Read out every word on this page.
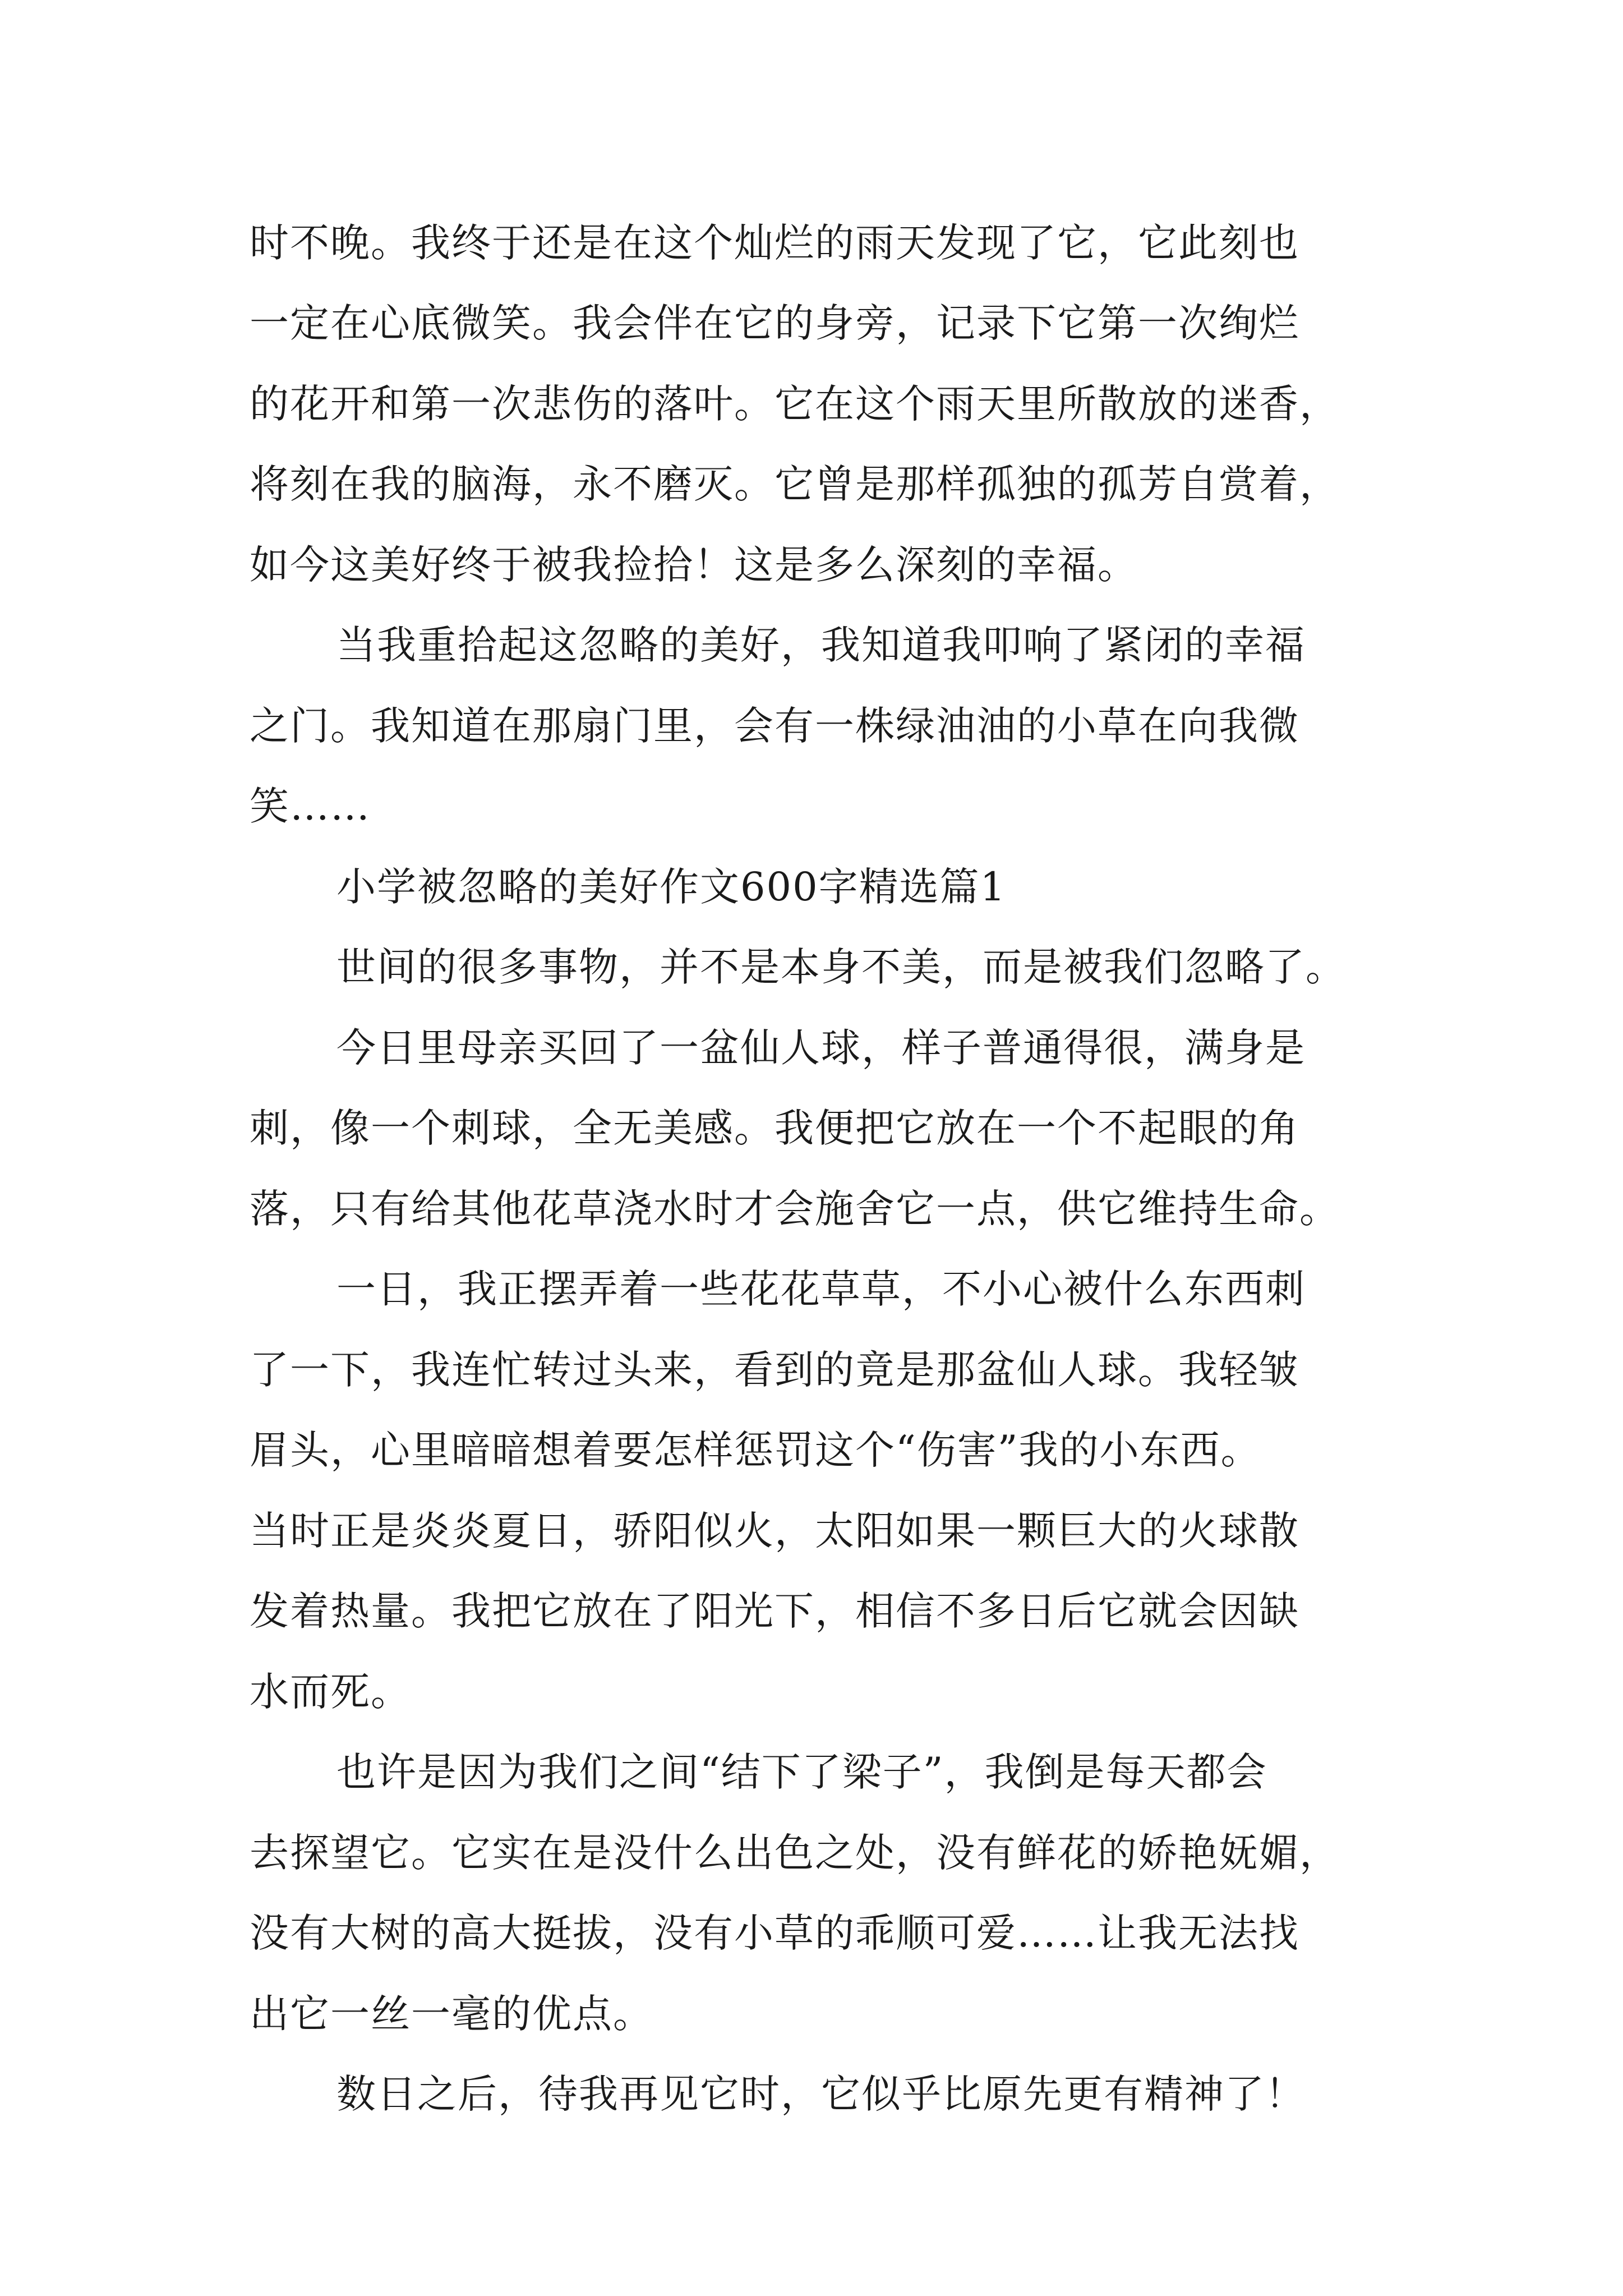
时不晚。我终于还是在这个灿烂的雨天发现了它，它此刻也

一定在心底微笑。我会伴在它的身旁，记录下它第一次绚烂

的花开和第一次悲伤的落叶。它在这个雨天里所散放的迷香，

将刻在我的脑海，永不磨灭。它曾是那样孤独的孤芳自赏着，

如今这美好终于被我捡拾！这是多么深刻的幸福。

当我重拾起这忽略的美好，我知道我叩响了紧闭的幸福

之门。我知道在那扇门里，会有一株绿油油的小草在向我微

笑……

小学被忽略的美好作文600字精选篇1

世间的很多事物，并不是本身不美，而是被我们忽略了。

今日里母亲买回了一盆仙人球，样子普通得很，满身是

刺，像一个刺球，全无美感。我便把它放在一个不起眼的角

落，只有给其他花草浇水时才会施舍它一点，供它维持生命。

一日，我正摆弄着一些花花草草，不小心被什么东西刺

了一下，我连忙转过头来，看到的竟是那盆仙人球。我轻皱

眉头，心里暗暗想着要怎样惩罚这个“伤害”我的小东西。

当时正是炎炎夏日，骄阳似火，太阳如果一颗巨大的火球散

发着热量。我把它放在了阳光下，相信不多日后它就会因缺

水而死。

也许是因为我们之间“结下了梁子”，我倒是每天都会

去探望它。它实在是没什么出色之处，没有鲜花的娇艳妩媚，

没有大树的高大挺拔，没有小草的乖顺可爱……让我无法找

出它一丝一毫的优点。

数日之后，待我再见它时，它似乎比原先更有精神了！
